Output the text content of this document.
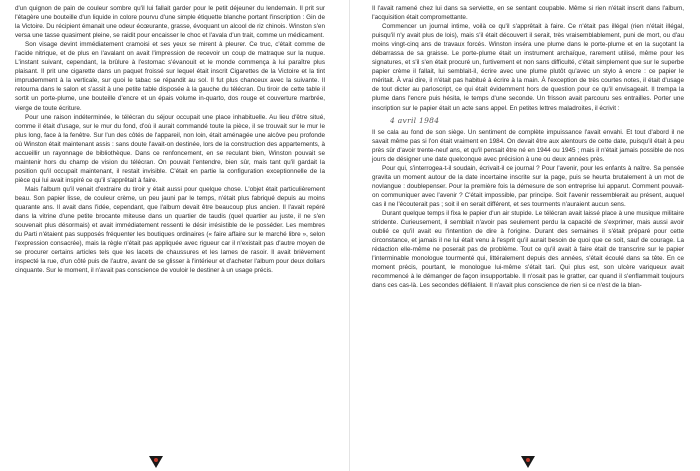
d'un quignon de pain de couleur sombre qu'il lui fallait garder pour le petit déjeuner du lendemain. Il prit sur l'étagère une bouteille d'un liquide in colore pourvu d'une simple étiquette blanche portant l'inscription : Gin de la Victoire. Du récipient émanait une odeur écœurante, grasse, évoquant un alcool de riz chinois. Winston s'en versa une tasse quasiment pleine, se raidit pour encaisser le choc et l'avala d'un trait, comme un médicament.

Son visage devint immédiatement cramoisi et ses yeux se mirent à pleurer. Ce truc, c'était comme de l'acide nitrique, et de plus en l'avalant on avait l'impression de recevoir un coup de matraque sur la nuque. L'instant suivant, cependant, la brûlure à l'estomac s'évanouit et le monde commença à lui paraître plus plaisant. Il prit une cigarette dans un paquet froissé sur lequel était inscrit Cigarettes de la Victoire et la tint imprudemment à la verticale, sur quoi le tabac se répandit au sol. Il fut plus chanceux avec la suivante. Il retourna dans le salon et s'assit à une petite table disposée à la gauche du télécran. Du tiroir de cette table il sortit un porte-plume, une bouteille d'encre et un épais volume in-quarto, dos rouge et couverture marbrée, vierge de toute écriture.

Pour une raison indéterminée, le télécran du séjour occupait une place inhabituelle. Au lieu d'être situé, comme il était d'usage, sur le mur du fond, d'où il aurait commandé toute la pièce, il se trouvait sur le mur le plus long, face à la fenêtre. Sur l'un des côtés de l'appareil, non loin, était aménagée une alcôve peu profonde où Winston était maintenant assis : sans doute l'avait-on destinée, lors de la construction des appartements, à accueillir un rayonnage de bibliothèque. Dans ce renfoncement, en se reculant bien, Winston pouvait se maintenir hors du champ de vision du télécran. On pouvait l'entendre, bien sûr, mais tant qu'il gardait la position qu'il occupait maintenant, il restait invisible. C'était en partie la configuration exceptionnelle de la pièce qui lui avait inspiré ce qu'il s'apprêtait à faire.

Mais l'album qu'il venait d'extraire du tiroir y était aussi pour quelque chose. L'objet était particulièrement beau. Son papier lisse, de couleur crème, un peu jauni par le temps, n'était plus fabriqué depuis au moins quarante ans. Il avait dans l'idée, cependant, que l'album devait être beaucoup plus ancien. Il l'avait repéré dans la vitrine d'une petite brocante miteuse dans un quartier de taudis (quel quartier au juste, il ne s'en souvenait plus désormais) et avait immédiatement ressenti le désir irrésistible de le posséder. Les membres du Parti n'étaient pas supposés fréquenter les boutiques ordinaires (« faire affaire sur le marché libre », selon l'expression consacrée), mais la règle n'était pas appliquée avec rigueur car il n'existait pas d'autre moyen de se procurer certains articles tels que les lacets de chaussures et les lames de rasoir. Il avait brièvement inspecté la rue, d'un côté puis de l'autre, avant de se glisser à l'intérieur et d'acheter l'album pour deux dollars cinquante. Sur le moment, il n'avait pas conscience de vouloir le destiner à un usage précis.

Il l'avait ramené chez lui dans sa serviette, en se sentant coupable. Même si rien n'était inscrit dans l'album, l'acquisition était compromettante.

Commencer un journal intime, voilà ce qu'il s'apprêtait à faire. Ce n'était pas illégal (rien n'était illégal, puisqu'il n'y avait plus de lois), mais s'il était découvert il serait, très vraisemblablement, puni de mort, ou d'au moins vingt-cinq ans de travaux forcés. Winston inséra une plume dans le porte-plume et en la suçotant la débarrassa de sa graisse. Le porte-plume était un instrument archaïque, rarement utilisé, même pour les signatures, et s'il s'en était procuré un, furtivement et non sans difficulté, c'était simplement que sur le superbe papier crème il fallait, lui semblait-il, écrire avec une plume plutôt qu'avec un stylo à encre : ce papier le méritait. À vrai dire, il n'était pas habitué à écrire à la main. À l'exception de très courtes notes, il était d'usage de tout dicter au parloscript, ce qui était évidemment hors de question pour ce qu'il envisageait. Il trempa la plume dans l'encre puis hésita, le temps d'une seconde. Un frisson avait parcouru ses entrailles. Porter une inscription sur le papier était un acte sans appel. En petites lettres maladroites, il écrivit :

4 avril 1984

Il se cala au fond de son siège. Un sentiment de complète impuissance l'avait envahi. Et tout d'abord il ne savait même pas si l'on était vraiment en 1984. On devait être aux alentours de cette date, puisqu'il était à peu près sûr d'avoir trente-neuf ans, et qu'il pensait être né en 1944 ou 1945 ; mais il n'était jamais possible de nos jours de désigner une date quelconque avec précision à une ou deux années près.

Pour qui, s'interrogea-t-il soudain, écrivait-il ce journal ? Pour l'avenir, pour les enfants à naître. Sa pensée gravita un moment autour de la date incertaine inscrite sur la page, puis se heurta brutalement à un mot de novlangue : doublepenser. Pour la première fois la démesure de son entreprise lui apparut. Comment pouvait-on communiquer avec l'avenir ? C'était impossible, par principe. Soit l'avenir ressemblerait au présent, auquel cas il ne l'écouterait pas ; soit il en serait différent, et ses tourments n'auraient aucun sens.

Durant quelque temps il fixa le papier d'un air stupide. Le télécran avait laissé place à une musique militaire stridente. Curieusement, il semblait n'avoir pas seulement perdu la capacité de s'exprimer, mais aussi avoir oublié ce qu'il avait eu l'intention de dire à l'origine. Durant des semaines il s'était préparé pour cette circonstance, et jamais il ne lui était venu à l'esprit qu'il aurait besoin de quoi que ce soit, sauf de courage. La rédaction elle-même ne poserait pas de problème. Tout ce qu'il avait à faire était de transcrire sur le papier l'interminable monologue tourmenté qui, littéralement depuis des années, s'était écoulé dans sa tête. En ce moment précis, pourtant, le monologue lui-même s'était tari. Qui plus est, son ulcère variqueux avait recommencé à le démanger de façon insupportable. Il n'osait pas le gratter, car quand il s'enflammait toujours dans ces cas-là. Les secondes défilaient. Il n'avait plus conscience de rien si ce n'est de la blan-
